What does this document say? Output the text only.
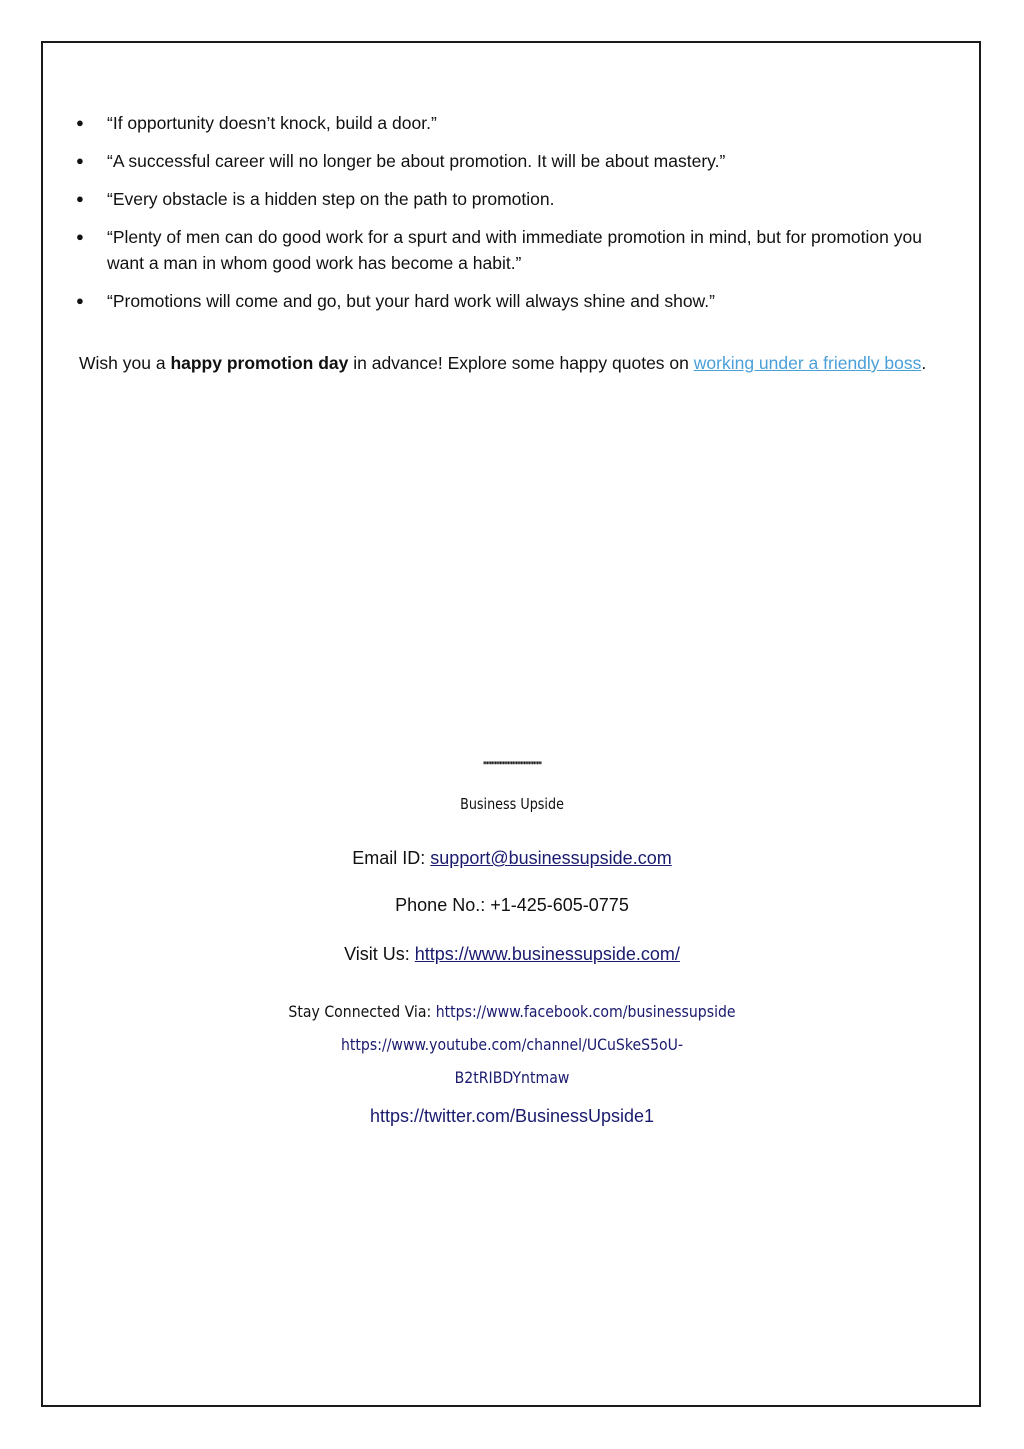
● “If opportunity doesn’t knock, build a door.”
● “A successful career will no longer be about promotion. It will be about mastery.”
● “Every obstacle is a hidden step on the path to promotion.
● “Plenty of men can do good work for a spurt and with immediate promotion in mind, but for promotion you want a man in whom good work has become a habit.”
● “Promotions will come and go, but your hard work will always shine and show.”

Wish you a happy promotion day in advance! Explore some happy quotes on working under a friendly boss.

''''''''''''''''''''''''''''''''''''
Business Upside
Email ID: support@businessupside.com
Phone No.: +1-425-605-0775
Visit Us: https://www.businessupside.com/
Stay Connected Via: https://www.facebook.com/businessupside
https://www.youtube.com/channel/UCuSkeS5oU-
B2tRIBDYntmaw
https://twitter.com/BusinessUpside1
